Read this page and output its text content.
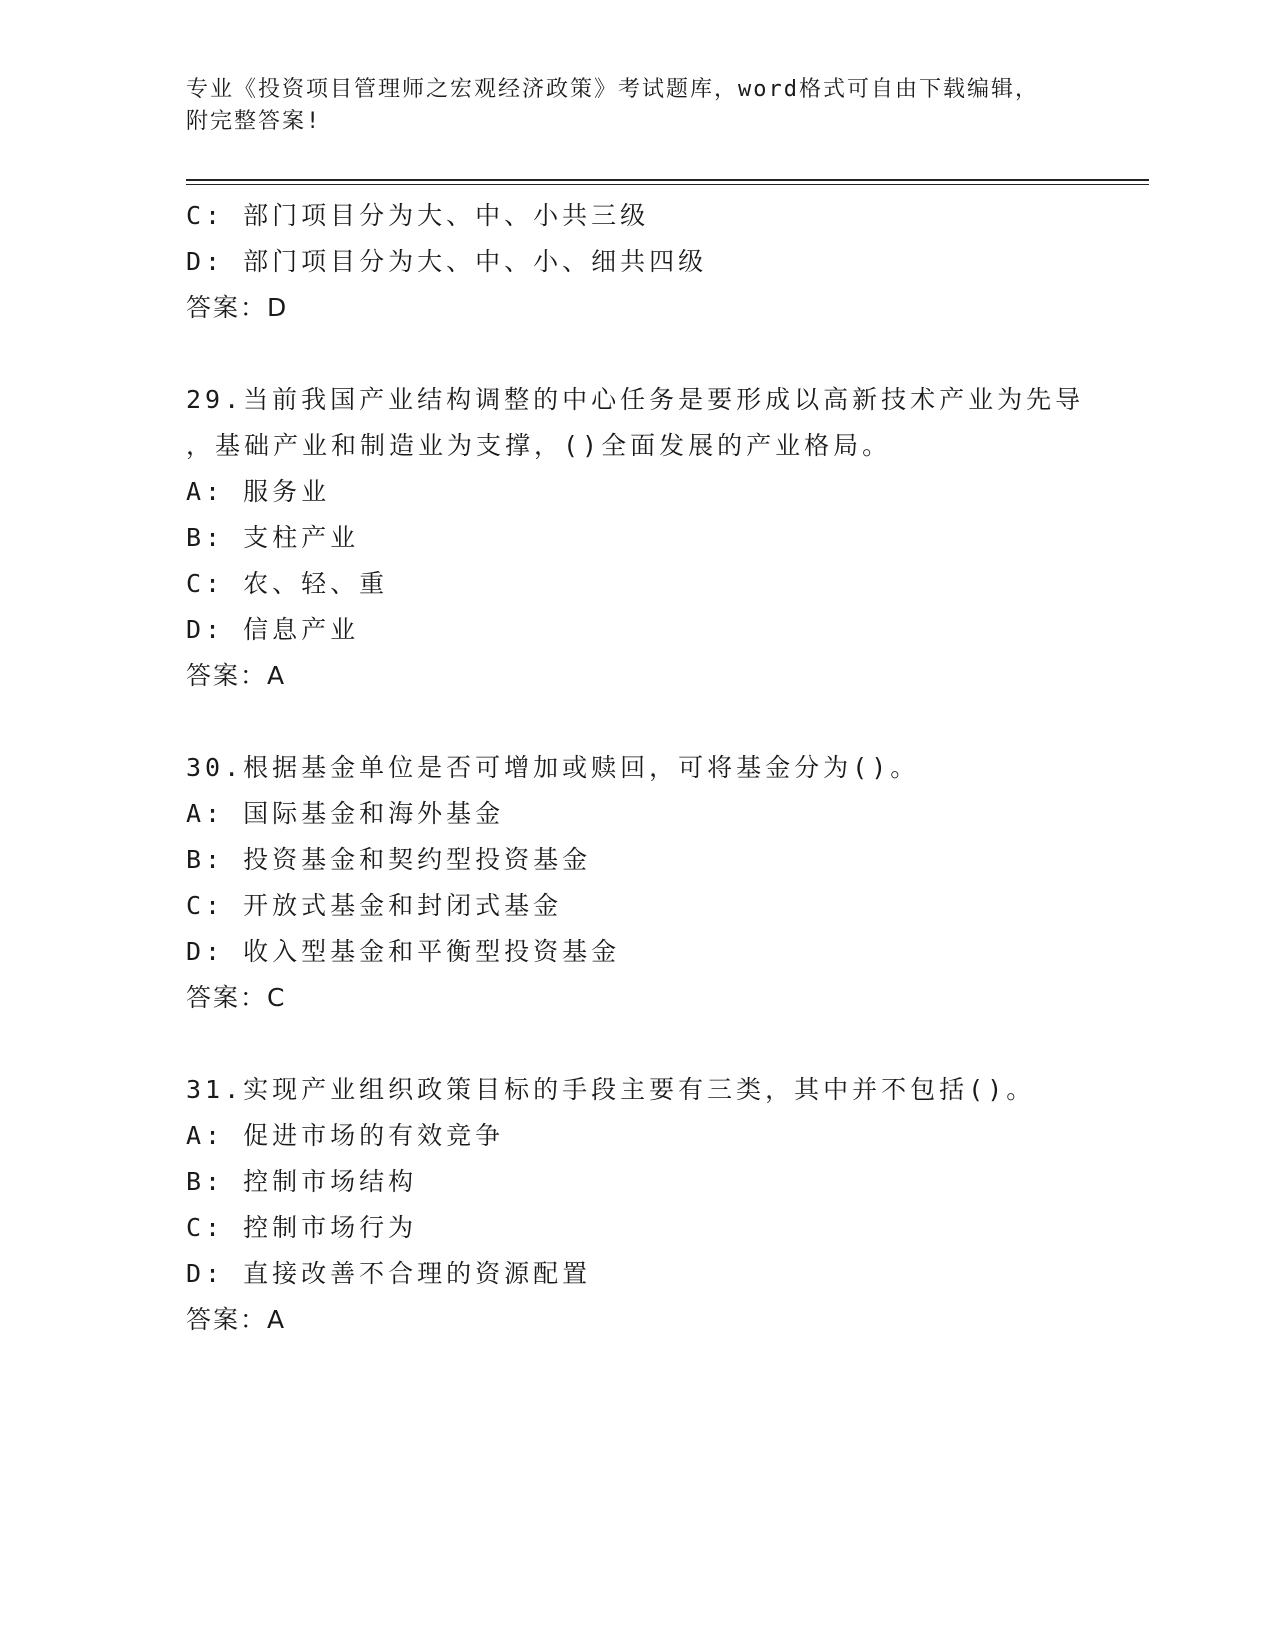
专业《投资项目管理师之宏观经济政策》考试题库，word格式可自由下载编辑，
附完整答案!
C: 部门项目分为大、中、小共三级
D: 部门项目分为大、中、小、细共四级
答案：D
29.当前我国产业结构调整的中心任务是要形成以高新技术产业为先导
，基础产业和制造业为支撑，()全面发展的产业格局。
A: 服务业
B: 支柱产业
C: 农、轻、重
D: 信息产业
答案：A
30.根据基金单位是否可增加或赎回，可将基金分为()。
A: 国际基金和海外基金
B: 投资基金和契约型投资基金
C: 开放式基金和封闭式基金
D: 收入型基金和平衡型投资基金
答案：C
31.实现产业组织政策目标的手段主要有三类，其中并不包括()。
A: 促进市场的有效竞争
B: 控制市场结构
C: 控制市场行为
D: 直接改善不合理的资源配置
答案：A
